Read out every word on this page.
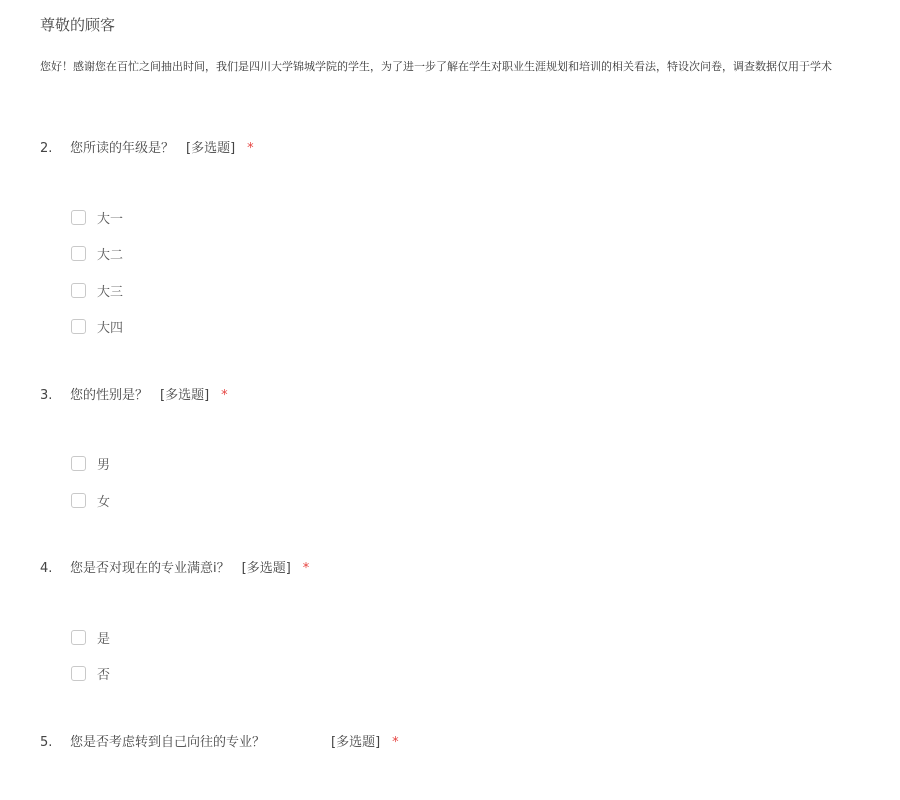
尊敬的顾客
您好！感谢您在百忙之间抽出时间，我们是四川大学锦城学院的学生，为了进一步了解在学生对职业生涯规划和培训的相关看法，特设次问卷，调查数据仅用于学术
2. 您所读的年级是？ [多选题] *
大一
大二
大三
大四
3. 您的性别是？ [多选题] *
男
女
4. 您是否对现在的专业满意i？ [多选题] *
是
否
5. 您是否考虑转到自己向往的专业？	[多选题] *
